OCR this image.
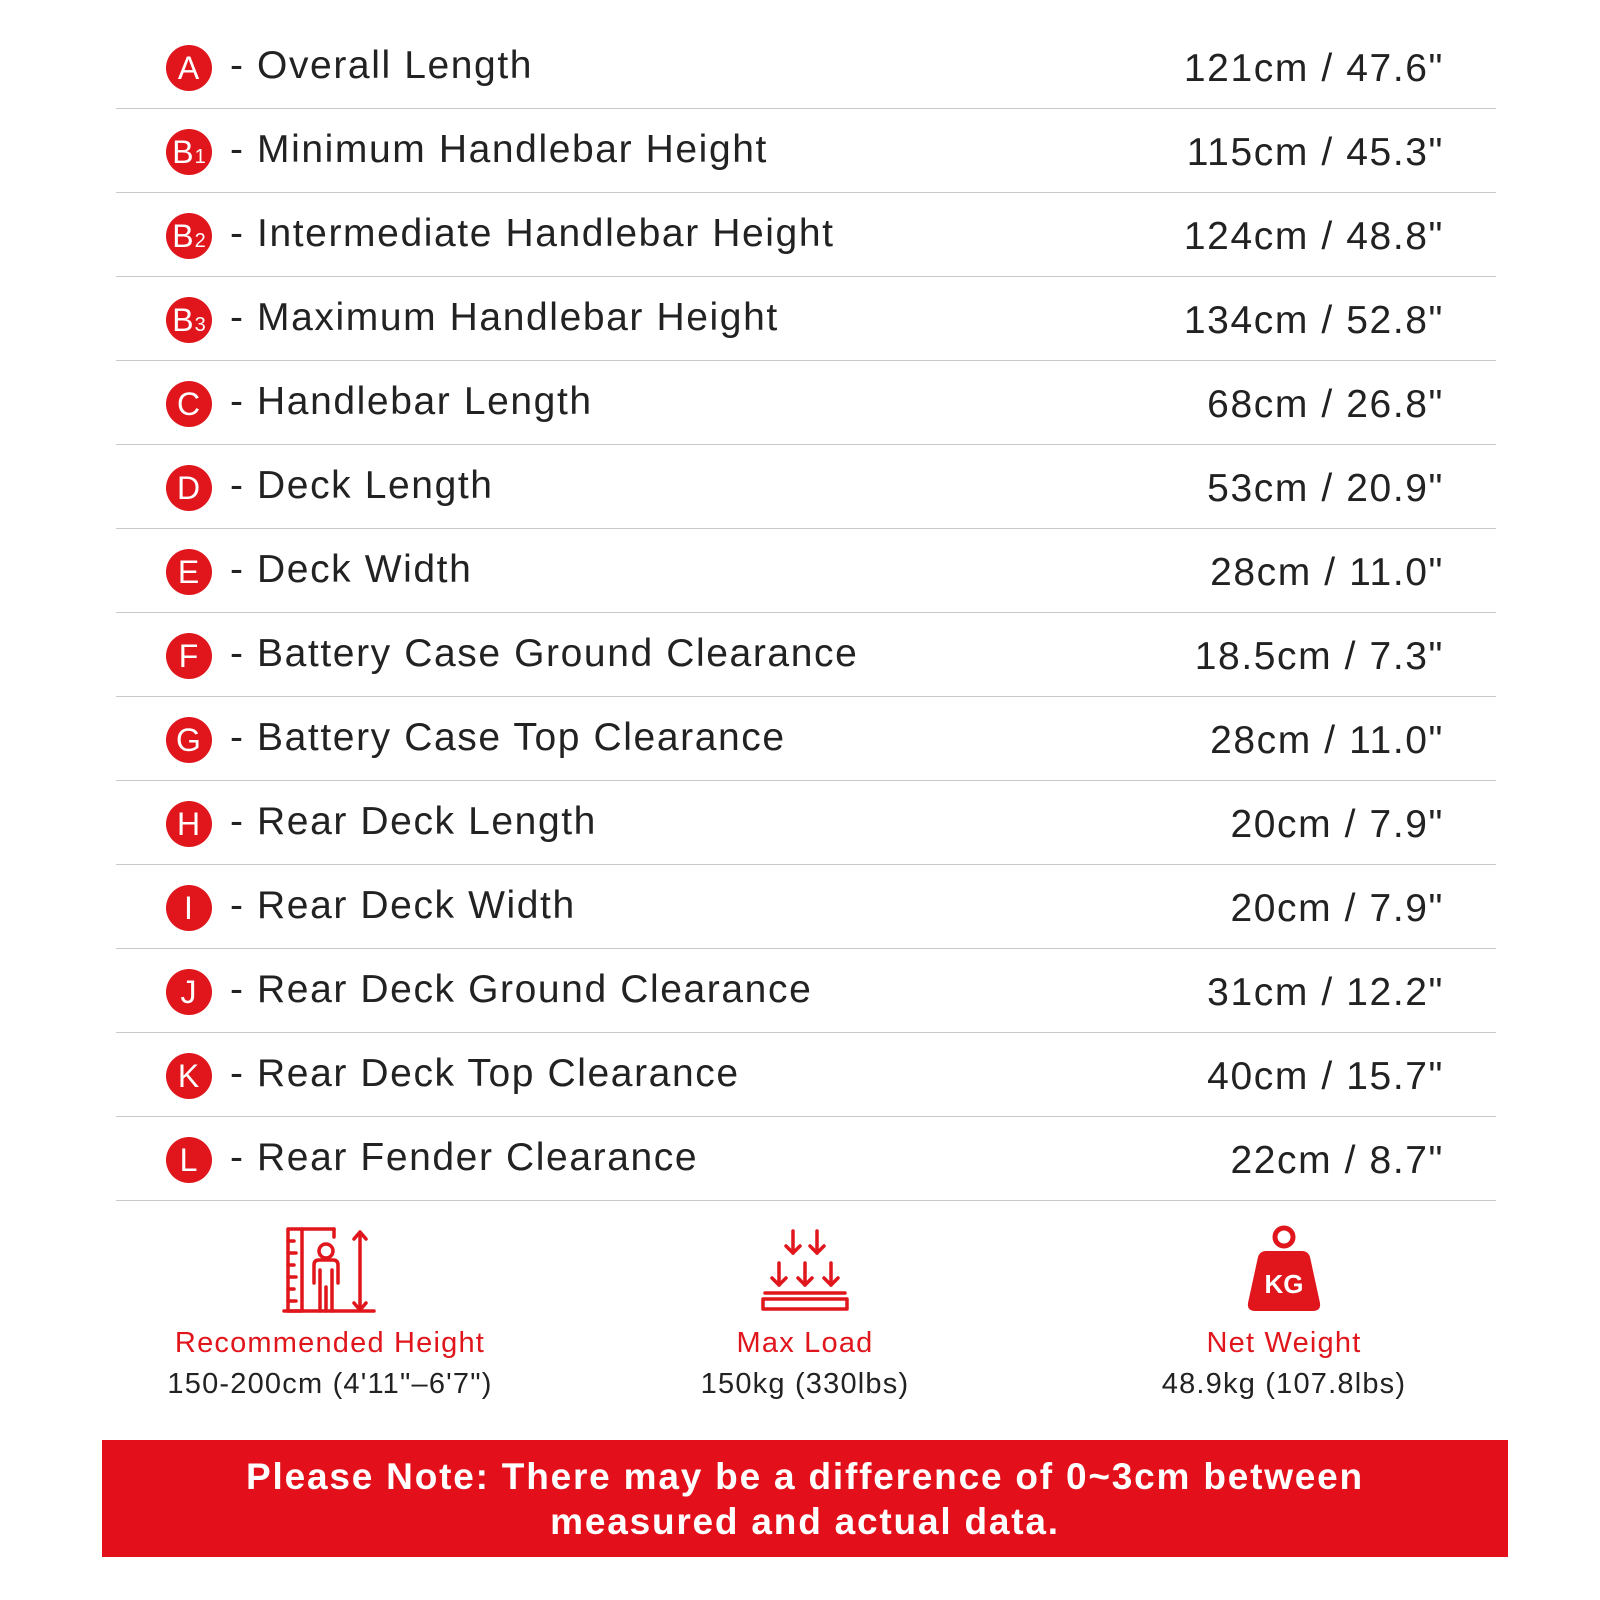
A - Overall Length	121cm / 47.6"
B 1 - Minimum Handlebar Height	115cm / 45.3"
B 2 - Intermediate Handlebar Height	124cm / 48.8"
B 3 - Maximum Handlebar Height	134cm / 52.8"
C - Handlebar Length	68cm / 26.8"
D - Deck Length	53cm / 20.9"
E - Deck Width	28cm / 11.0"
F - Battery Case Ground Clearance	18.5cm / 7.3"
G - Battery Case Top Clearance	28cm / 11.0"
H - Rear Deck Length	20cm / 7.9"
I - Rear Deck Width	20cm / 7.9"
J - Rear Deck Ground Clearance	31cm / 12.2"
K - Rear Deck Top Clearance	40cm / 15.7"
L - Rear Fender Clearance	22cm / 8.7"
Recommended Height
150-200cm (4'11"–6'7")
Max Load
150kg (330lbs)
KG
Net Weight
48.9kg (107.8lbs)
Please Note: There may be a difference of 0~3cm between
measured and actual data.
